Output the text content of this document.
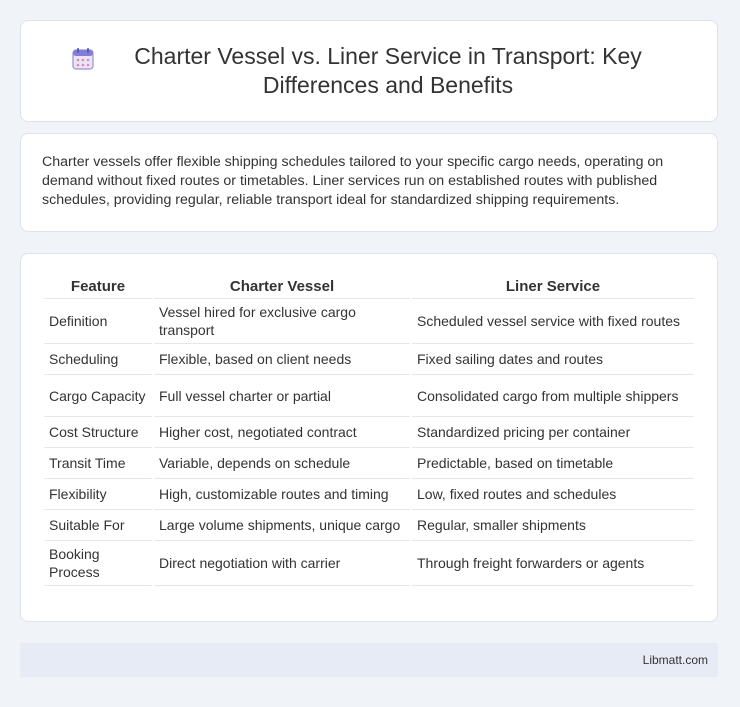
Charter Vessel vs. Liner Service in Transport: Key Differences and Benefits

Charter vessels offer flexible shipping schedules tailored to your specific cargo needs, operating on demand without fixed routes or timetables. Liner services run on established routes with published schedules, providing regular, reliable transport ideal for standardized shipping requirements.

Feature	Charter Vessel	Liner Service
Definition	Vessel hired for exclusive cargo transport	Scheduled vessel service with fixed routes
Scheduling	Flexible, based on client needs	Fixed sailing dates and routes
Cargo Capacity	Full vessel charter or partial	Consolidated cargo from multiple shippers
Cost Structure	Higher cost, negotiated contract	Standardized pricing per container
Transit Time	Variable, depends on schedule	Predictable, based on timetable
Flexibility	High, customizable routes and timing	Low, fixed routes and schedules
Suitable For	Large volume shipments, unique cargo	Regular, smaller shipments
Booking Process	Direct negotiation with carrier	Through freight forwarders or agents
Libmatt.com
